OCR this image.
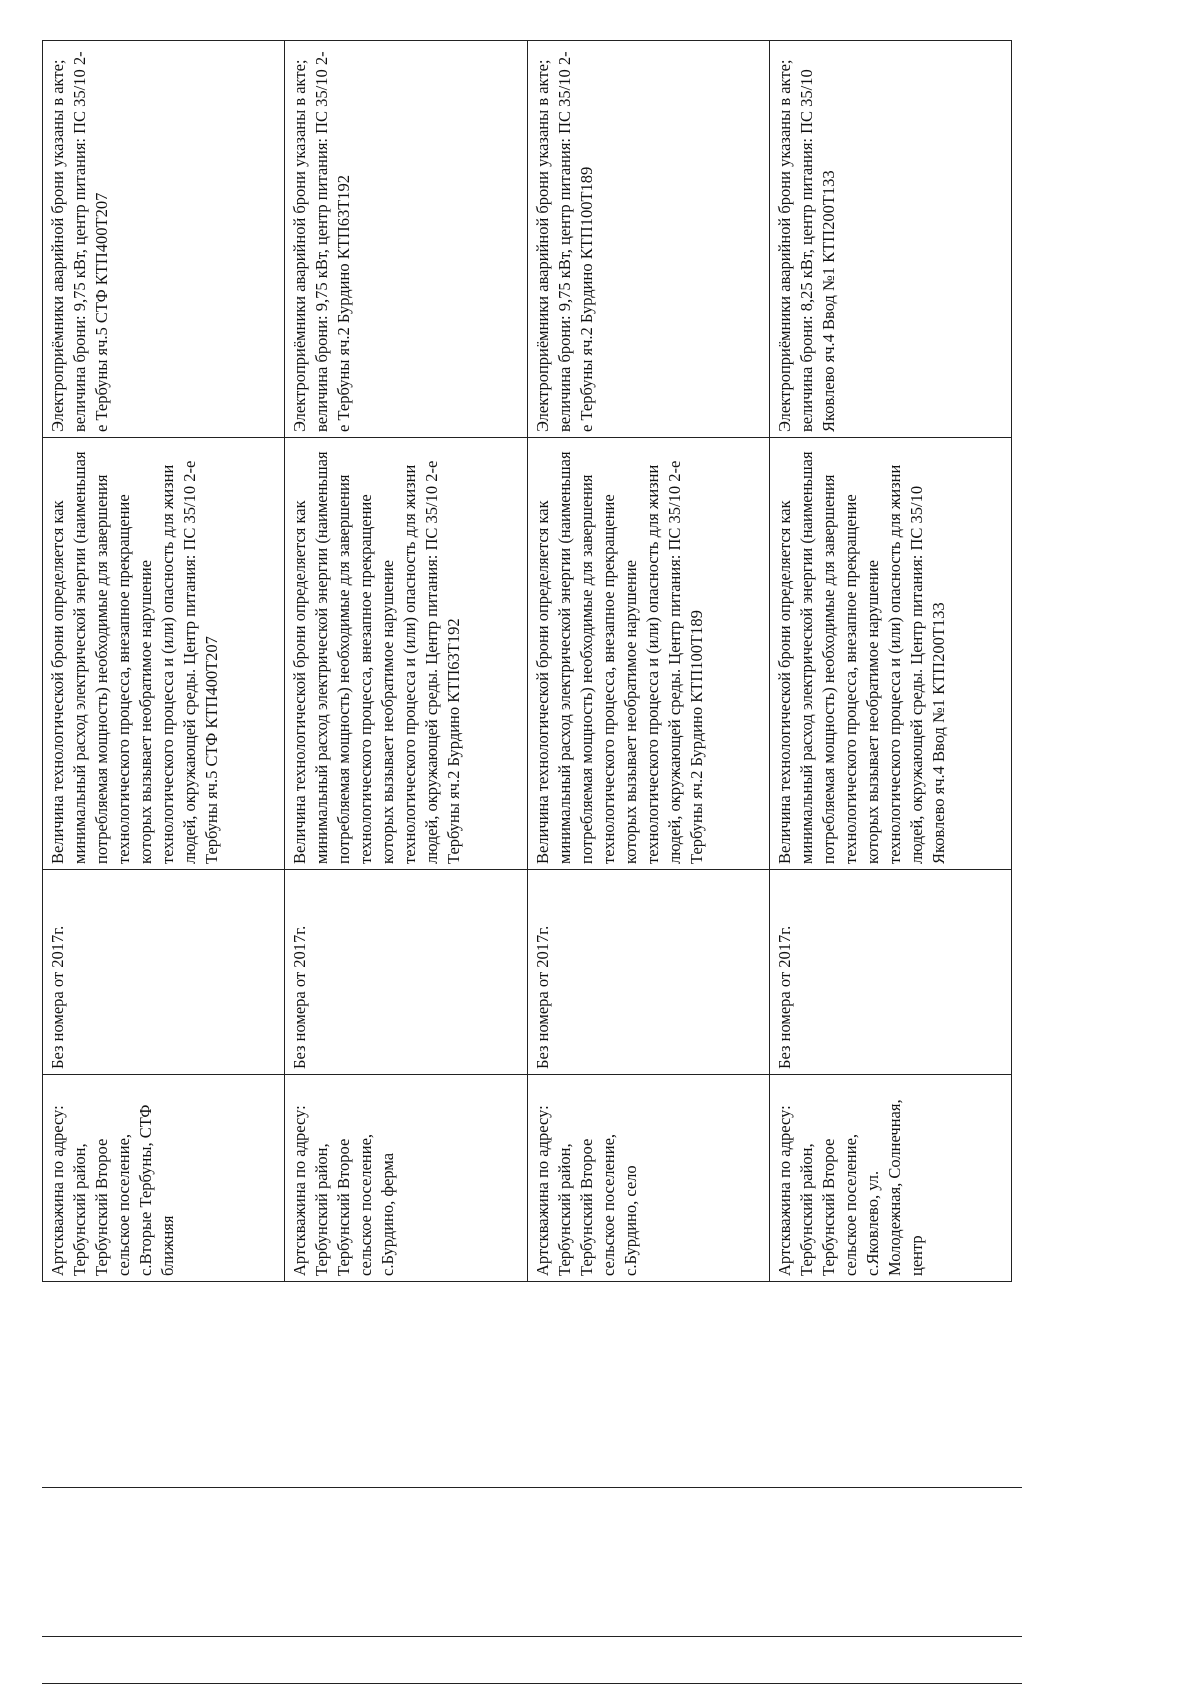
Артскважина по адресу: Тербунский район, Тербунский Второе сельское поселение, с.Вторые Тербуны, СТФ ближняя	Без номера от 2017г.	Величина технологической брони определяется как минимальный расход электрической энергии (наименьшая потребляемая мощность) необходимые для завершения технологического процесса, внезапное прекращение которых вызывает необратимое нарушение технологического процесса и (или) опасность для жизни людей, окружающей среды. Центр питания: ПС 35/10 2-е Тербуны яч.5 СТФ КТП400Т207	Электроприёмники аварийной брони указаны в акте; величина брони: 9,75 кВт, центр питания: ПС 35/10 2-е Тербуны яч.5 СТФ КТП400Т207
Артскважина по адресу: Тербунский район, Тербунский Второе сельское поселение, с.Бурдино, ферма	Без номера от 2017г.	Величина технологической брони определяется как минимальный расход электрической энергии (наименьшая потребляемая мощность) необходимые для завершения технологического процесса, внезапное прекращение которых вызывает необратимое нарушение технологического процесса и (или) опасность для жизни людей, окружающей среды. Центр питания: ПС 35/10 2-е Тербуны яч.2 Бурдино КТП63Т192	Электроприёмники аварийной брони указаны в акте; величина брони: 9,75 кВт, центр питания: ПС 35/10 2-е Тербуны яч.2 Бурдино КТП63Т192
Артскважина по адресу: Тербунский район, Тербунский Второе сельское поселение, с.Бурдино, село	Без номера от 2017г.	Величина технологической брони определяется как минимальный расход электрической энергии (наименьшая потребляемая мощность) необходимые для завершения технологического процесса, внезапное прекращение которых вызывает необратимое нарушение технологического процесса и (или) опасность для жизни людей, окружающей среды. Центр питания: ПС 35/10 2-е Тербуны яч.2 Бурдино КТП100Т189	Электроприёмники аварийной брони указаны в акте; величина брони: 9,75 кВт, центр питания: ПС 35/10 2-е Тербуны яч.2 Бурдино КТП100Т189
Артскважина по адресу: Тербунский район, Тербунский Второе сельское поселение, с.Яковлево, ул. Молодежная, Солнечная, центр	Без номера от 2017г.	Величина технологической брони определяется как минимальный расход электрической энергии (наименьшая потребляемая мощность) необходимые для завершения технологического процесса, внезапное прекращение которых вызывает необратимое нарушение технологического процесса и (или) опасность для жизни людей, окружающей среды. Центр питания: ПС 35/10 Яковлево яч.4 Ввод №1 КТП200Т133	Электроприёмники аварийной брони указаны в акте; величина брони: 8,25 кВт, центр питания: ПС 35/10 Яковлево яч.4 Ввод №1 КТП200Т133
